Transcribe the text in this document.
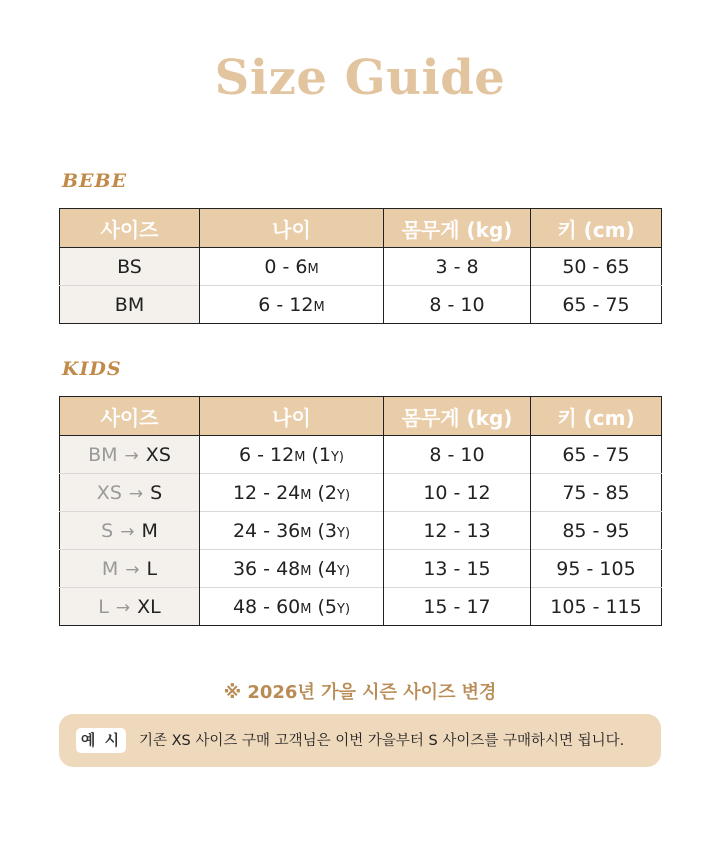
Size Guide
BEBE
사이즈	나이	몸무게 (kg)	키 (cm)
BS	0 - 6M	3 - 8	50 - 65
BM	6 - 12M	8 - 10	65 - 75
KIDS
사이즈	나이	몸무게 (kg)	키 (cm)
BM → XS	6 - 12M (1Y)	8 - 10	65 - 75
XS → S	12 - 24M (2Y)	10 - 12	75 - 85
S → M	24 - 36M (3Y)	12 - 13	85 - 95
M → L	36 - 48M (4Y)	13 - 15	95 - 105
L → XL	48 - 60M (5Y)	15 - 17	105 - 115
※ 2026년 가을 시즌 사이즈 변경
예 시	기존 XS 사이즈 구매 고객님은 이번 가을부터 S 사이즈를 구매하시면 됩니다.
